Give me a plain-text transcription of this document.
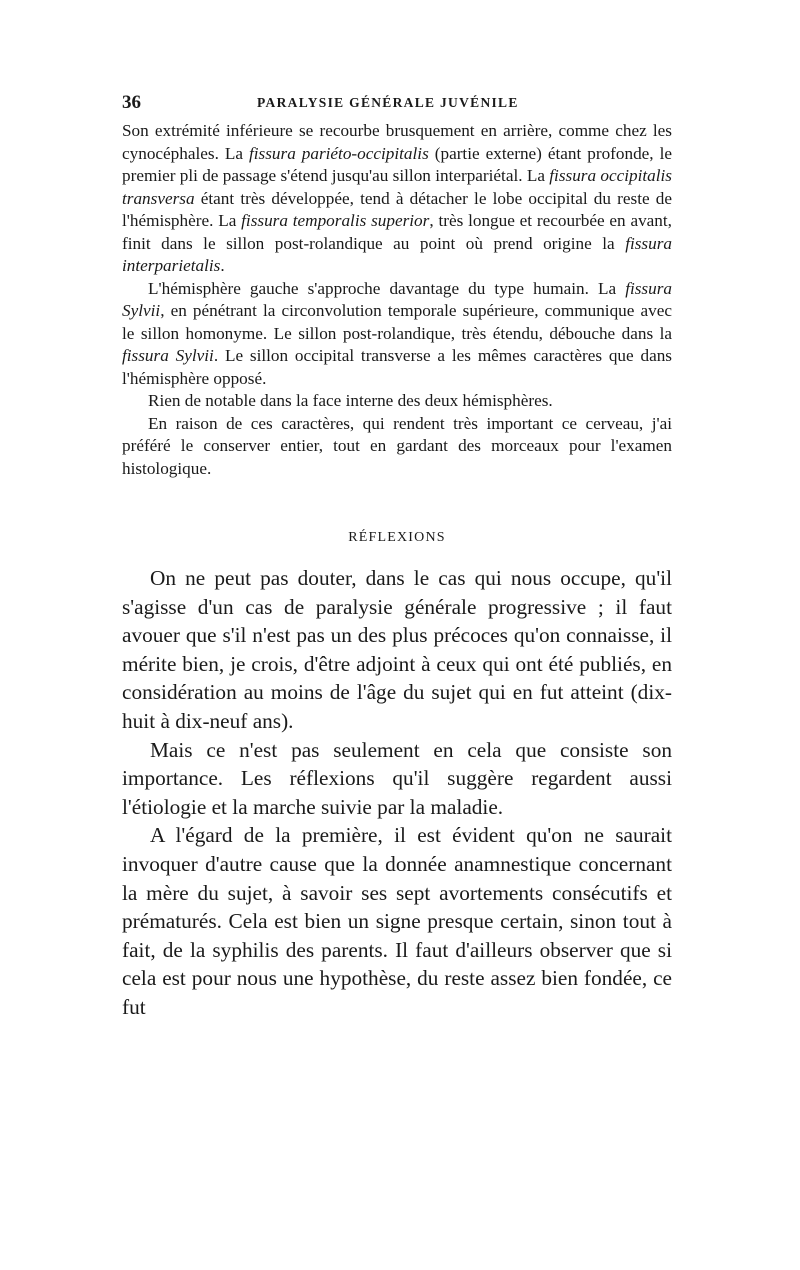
36	PARALYSIE GÉNÉRALE JUVÉNILE

Son extrémité inférieure se recourbe brusquement en arrière, comme chez les cynocéphales. La fissura pariéto-occipitalis (partie externe) étant profonde, le premier pli de passage s'étend jusqu'au sillon interpariétal. La fissura occipitalis transversa étant très développée, tend à détacher le lobe occipital du reste de l'hémisphère. La fissura temporalis superior, très longue et recourbée en avant, finit dans le sillon post-rolandique au point où prend origine la fissura interparietalis.

L'hémisphère gauche s'approche davantage du type humain. La fissura Sylvii, en pénétrant la circonvolution temporale supérieure, communique avec le sillon homonyme. Le sillon post-rolandique, très étendu, débouche dans la fissura Sylvii. Le sillon occipital transverse a les mêmes caractères que dans l'hémisphère opposé.

Rien de notable dans la face interne des deux hémisphères.

En raison de ces caractères, qui rendent très important ce cerveau, j'ai préféré le conserver entier, tout en gardant des morceaux pour l'examen histologique.

RÉFLEXIONS

On ne peut pas douter, dans le cas qui nous occupe, qu'il s'agisse d'un cas de paralysie générale progressive ; il faut avouer que s'il n'est pas un des plus précoces qu'on connaisse, il mérite bien, je crois, d'être adjoint à ceux qui ont été publiés, en considération au moins de l'âge du sujet qui en fut atteint (dix-huit à dix-neuf ans).

Mais ce n'est pas seulement en cela que consiste son importance. Les réflexions qu'il suggère regardent aussi l'étiologie et la marche suivie par la maladie.

A l'égard de la première, il est évident qu'on ne saurait invoquer d'autre cause que la donnée anamnestique concernant la mère du sujet, à savoir ses sept avortements consécutifs et prématurés. Cela est bien un signe presque certain, sinon tout à fait, de la syphilis des parents. Il faut d'ailleurs observer que si cela est pour nous une hypothèse, du reste assez bien fondée, ce fut
